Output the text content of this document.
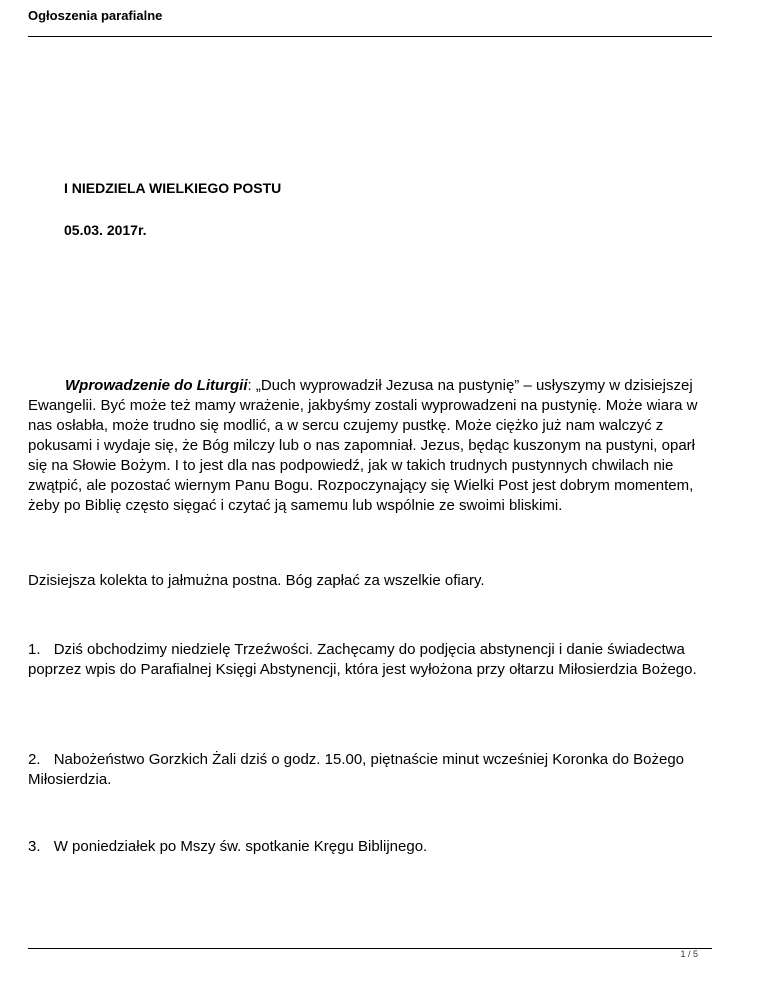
Ogłoszenia parafialne
I NIEDZIELA WIELKIEGO POSTU
05.03. 2017r.

Wprowadzenie do Liturgii: „Duch wyprowadził Jezusa na pustynię” – usłyszymy w dzisiejszej Ewangelii. Być może też mamy wrażenie, jakbyśmy zostali wyprowadzeni na pustynię. Może wiara w nas osłabła, może trudno się modlić, a w sercu czujemy pustkę. Może ciężko już nam walczyć z pokusami i wydaje się, że Bóg milczy lub o nas zapomniał. Jezus, będąc kuszonym na pustyni, oparł się na Słowie Bożym. I to jest dla nas podpowiedź, jak w takich trudnych pustynnych chwilach nie zwątpić, ale pozostać wiernym Panu Bogu. Rozpoczynający się Wielki Post jest dobrym momentem, żeby po Biblię często sięgać i czytać ją samemu lub wspólnie ze swoimi bliskimi.

Dzisiejsza kolekta to jałmużna postna. Bóg zapłać za wszelkie ofiary.

1. Dziś obchodzimy niedzielę Trzeźwości. Zachęcamy do podjęcia abstynencji i danie świadectwa poprzez wpis do Parafialnej Księgi Abstynencji, która jest wyłożona przy ołtarzu Miłosierdzia Bożego.

2. Nabożeństwo Gorzkich Żali dziś o godz. 15.00, piętnaście minut wcześniej Koronka do Bożego Miłosierdzia.

3. W poniedziałek po Mszy św. spotkanie Kręgu Biblijnego.

1 / 5
